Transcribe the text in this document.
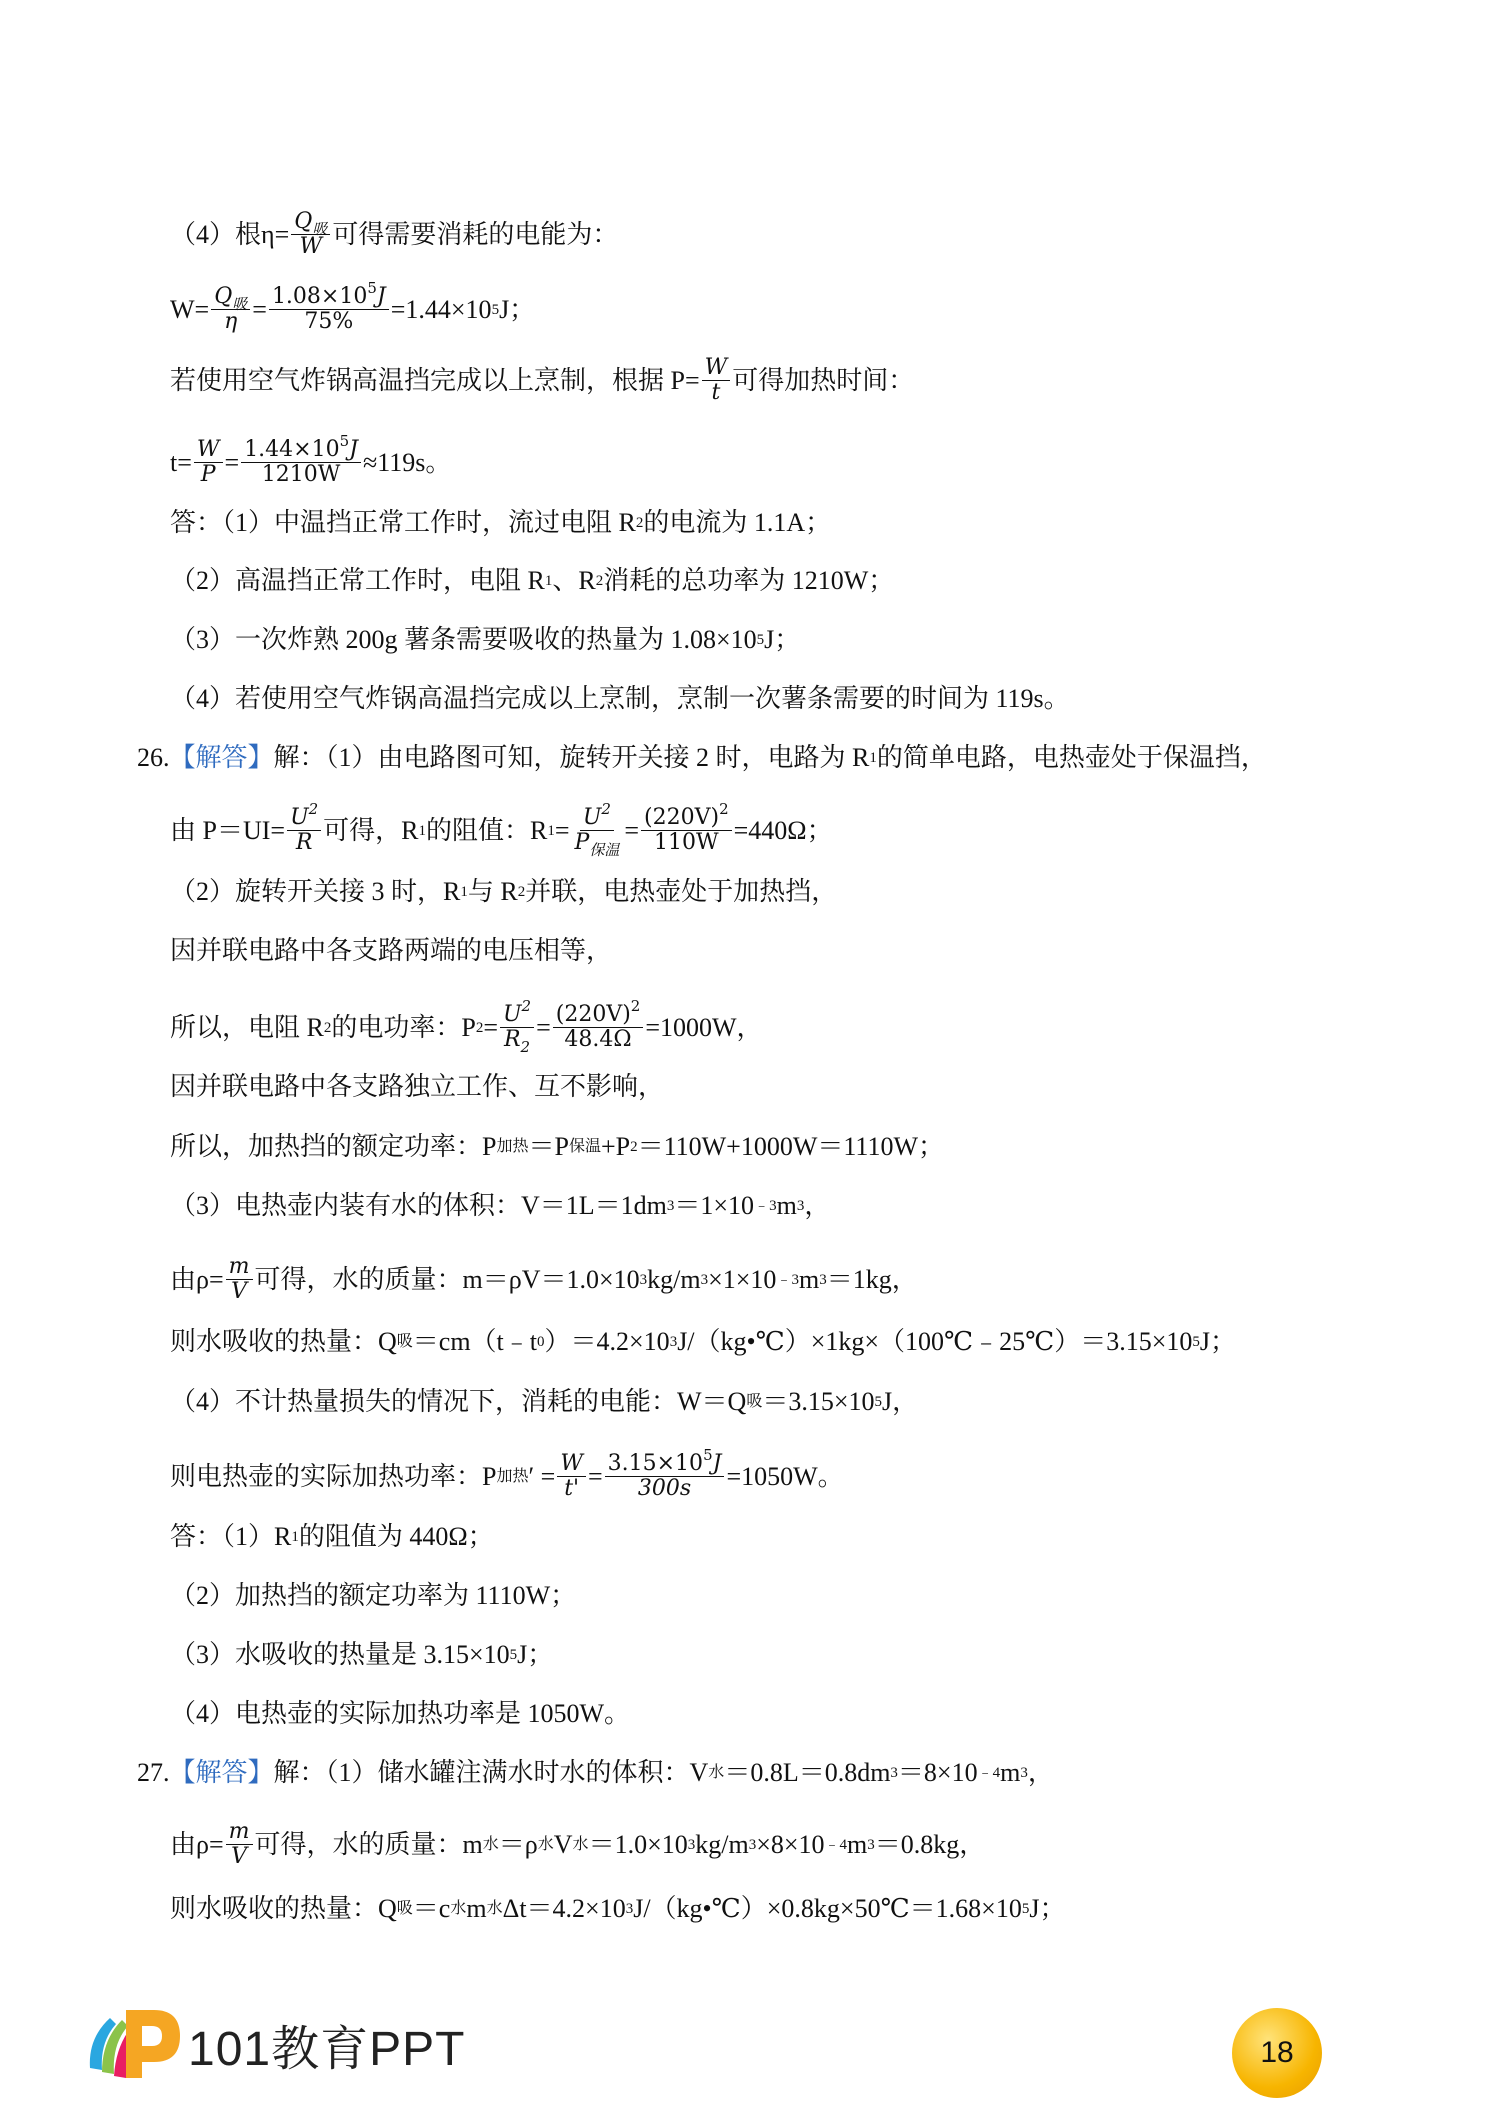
（4）根$\eta= \frac{Q_吸}{W}$ 可得需要消耗的电能为：
$W= \frac{Q_吸}{\eta} = \frac{1.08\times 10^5J}{75\%} =1.44\times 10$ 5 J；
若使用空气炸锅高温挡完成以上烹制，根据 $P= \frac{W}{t}$ 可得加热时间：
$t= \frac{W}{P} = \frac{1.44\times 10^5J}{1210W} \approx 119s$。
答：（1）中温挡正常工作时，流过电阻 R 2 的电流为 1.1A；
（2）高温挡正常工作时，电阻 R 1 、R 2 消耗的总功率为 1210W；
（3）一次炸熟 200g 薯条需要吸收的热量为 1.08×10 5 J；
（4）若使用空气炸锅高温挡完成以上烹制，烹制一次薯条需要的时间为 119s。
26. 【解答】 解：（1）由电路图可知，旋转开关接 2 时，电路为 R 1 的简单电路，电热壶处于保温挡，
由 $P=UI= \frac{U^2}{R}$ 可得，R 1 的阻值：R $1 = \frac{U^2}{P_{保温}} = \frac{(220V)^2}{110W} =440\Omega$；
（2）旋转开关接 3 时，R 1 与 R 2 并联，电热壶处于加热挡，
因并联电路中各支路两端的电压相等，
所以，电阻 R 2 的电功率：P $2 = \frac{U^2}{R_2} = \frac{(220V)^2}{48.4\Omega} =1000W$，
因并联电路中各支路独立工作、互不影响，
所以，加热挡的额定功率：P 加热 ＝P 保温 +P 2 ＝110W+1000W＝1110W；
（3）电热壶内装有水的体积：V＝1L＝1dm 3 ＝1×10 ﹣3 m 3 ，
由$\rho= \frac{m}{V}$ 可得，水的质量：m＝ρV＝1.0×10 3 kg/m 3 ×1×10 ﹣3 m 3 ＝1kg，
则水吸收的热量：Q 吸 ＝cm（t﹣t 0 ）＝4.2×10 3 J/（kg•℃）×1kg×（100℃﹣25℃）＝3.15×10 5 J；
（4）不计热量损失的情况下，消耗的电能：W＝Q 吸 ＝3.15×10 5 J，
则电热壶的实际加热功率：P 加热 ′ = $\frac{W}{t'} = \frac{3.15\times 10^5J}{300s} =1050W$。
答：（1）R 1 的阻值为 440Ω；
（2）加热挡的额定功率为 1110W；
（3）水吸收的热量是 3.15×10 5 J；
（4）电热壶的实际加热功率是 1050W。
27. 【解答】 解：（1）储水罐注满水时水的体积：V 水 ＝0.8L＝0.8dm 3 ＝8×10 ﹣4 m 3 ，
由$\rho= \frac{m}{V}$ 可得，水的质量：m 水 ＝ρ 水 V 水 ＝1.0×10 3 kg/m 3 ×8×10 ﹣4 m 3 ＝0.8kg，
则水吸收的热量：Q 吸 ＝c 水 m 水 Δt＝4.2×10 3 J/（kg•℃）×0.8kg×50℃＝1.68×10 5 J；
101教育PPT	18
